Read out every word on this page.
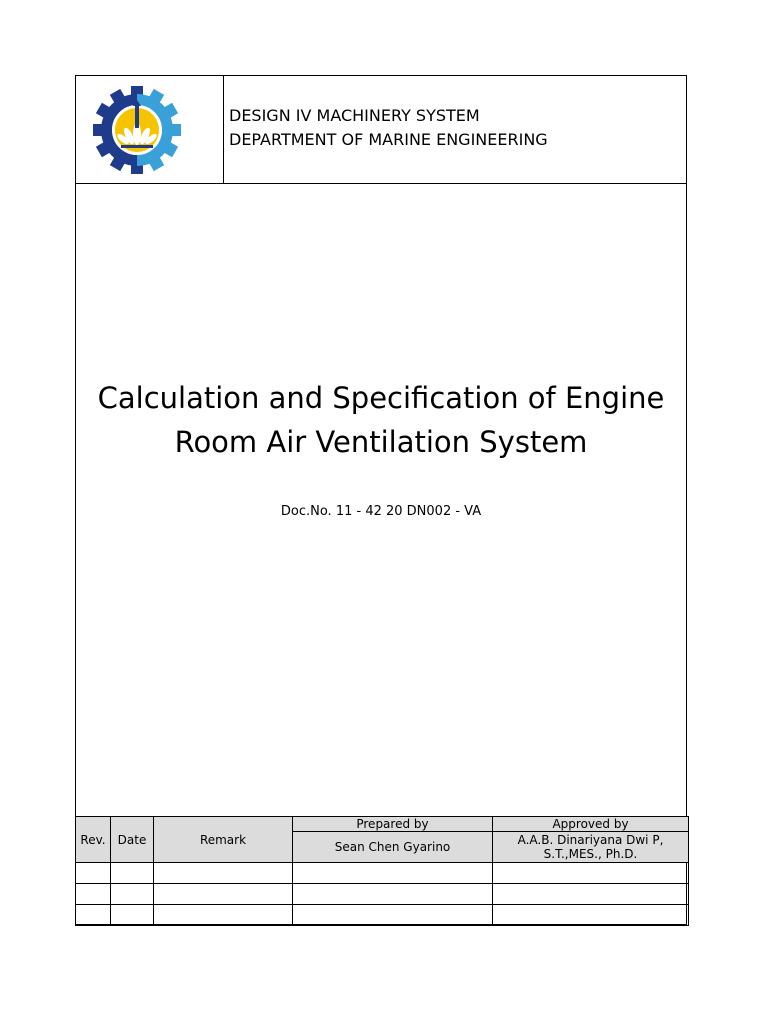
DESIGN IV MACHINERY SYSTEM
DEPARTMENT OF MARINE ENGINEERING
Calculation and Specification of Engine
Room Air Ventilation System
Doc.No. 11 - 42 20 DN002 - VA
Rev.	Date	Remark	Prepared by	Approved by
			Sean Chen Gyarino	A.A.B. Dinariyana Dwi P,
S.T.,MES., Ph.D.
